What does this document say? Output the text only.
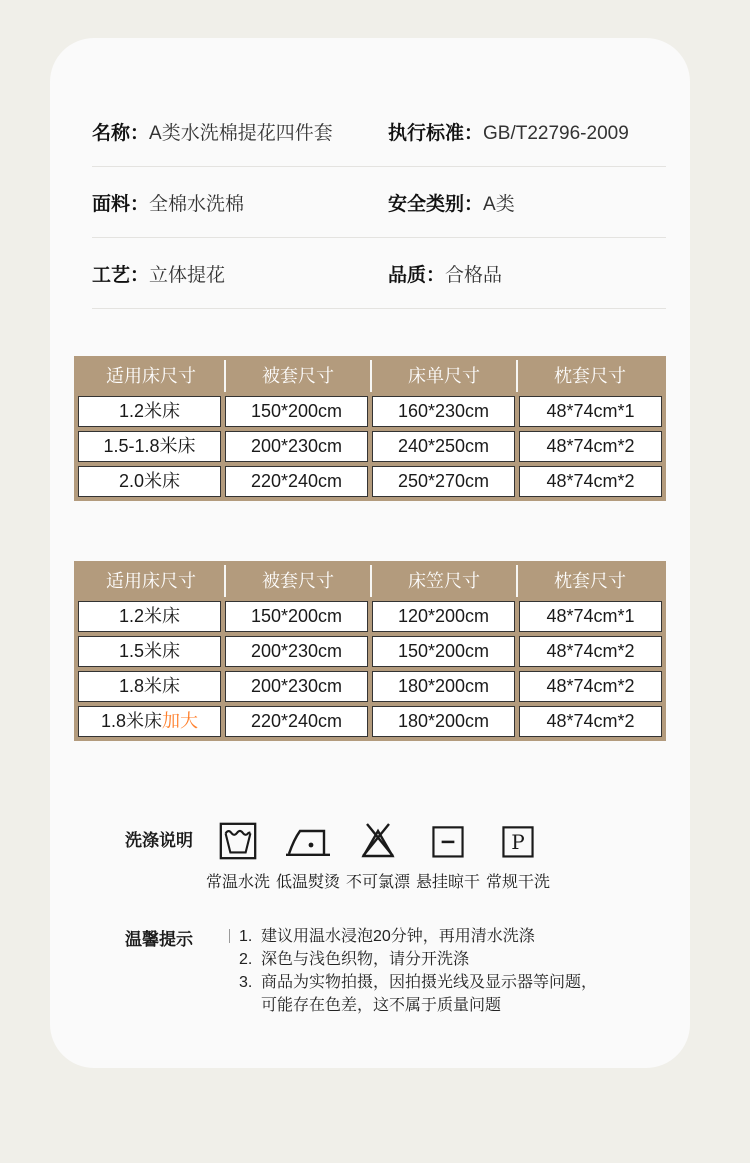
名称： A类水洗棉提花四件套	执行标准： GB/T22796-2009
面料： 全棉水洗棉	安全类别： A类
工艺： 立体提花	品质： 合格品
适用床尺寸	被套尺寸	床单尺寸	枕套尺寸
1.2米床	150*200cm	160*230cm	48*74cm*1
1.5-1.8米床	200*230cm	240*250cm	48*74cm*2
2.0米床	220*240cm	250*270cm	48*74cm*2
适用床尺寸	被套尺寸	床笠尺寸	枕套尺寸
1.2米床	150*200cm	120*200cm	48*74cm*1
1.5米床	200*230cm	150*200cm	48*74cm*2
1.8米床	200*230cm	180*200cm	48*74cm*2
1.8米床加大	220*240cm	180*200cm	48*74cm*2
洗涤说明
常温水洗 低温熨烫 不可氯漂 悬挂晾干
P
常规干洗
温馨提示	1. 建议用温水浸泡20分钟，再用清水洗涤
2. 深色与浅色织物，请分开洗涤
3. 商品为实物拍摄，因拍摄光线及显示器等问题，可能存在色差，这不属于质量问题
